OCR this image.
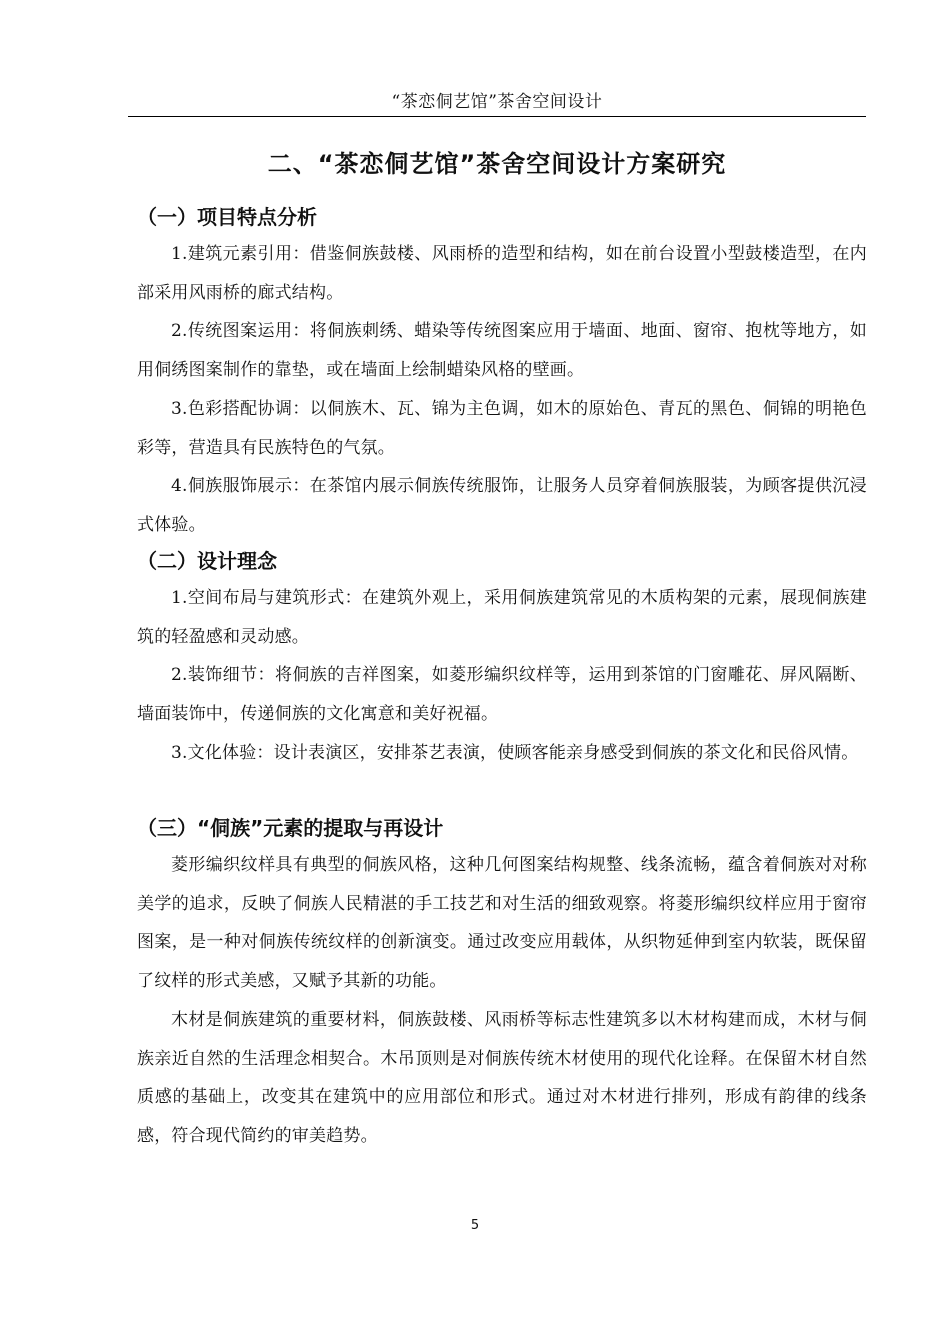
“茶恋侗艺馆”茶舍空间设计
二、“茶恋侗艺馆”茶舍空间设计方案研究
（一）项目特点分析

1.建筑元素引用：借鉴侗族鼓楼、风雨桥的造型和结构，如在前台设置小型鼓楼造型，在内部采用风雨桥的廊式结构。

2.传统图案运用：将侗族刺绣、蜡染等传统图案应用于墙面、地面、窗帘、抱枕等地方，如用侗绣图案制作的靠垫，或在墙面上绘制蜡染风格的壁画。

3.色彩搭配协调：以侗族木、瓦、锦为主色调，如木的原始色、青瓦的黑色、侗锦的明艳色彩等，营造具有民族特色的气氛。

4.侗族服饰展示：在茶馆内展示侗族传统服饰，让服务人员穿着侗族服装，为顾客提供沉浸式体验。

（二）设计理念

1.空间布局与建筑形式：在建筑外观上，采用侗族建筑常见的木质构架的元素，展现侗族建筑的轻盈感和灵动感。

2.装饰细节：将侗族的吉祥图案，如菱形编织纹样等，运用到茶馆的门窗雕花、屏风隔断、墙面装饰中，传递侗族的文化寓意和美好祝福。

3.文化体验：设计表演区，安排茶艺表演，使顾客能亲身感受到侗族的茶文化和民俗风情。

（三）“侗族”元素的提取与再设计

菱形编织纹样具有典型的侗族风格，这种几何图案结构规整、线条流畅，蕴含着侗族对对称美学的追求，反映了侗族人民精湛的手工技艺和对生活的细致观察。将菱形编织纹样应用于窗帘图案，是一种对侗族传统纹样的创新演变。通过改变应用载体，从织物延伸到室内软装，既保留了纹样的形式美感，又赋予其新的功能。

木材是侗族建筑的重要材料，侗族鼓楼、风雨桥等标志性建筑多以木材构建而成，木材与侗族亲近自然的生活理念相契合。木吊顶则是对侗族传统木材使用的现代化诠释。在保留木材自然质感的基础上，改变其在建筑中的应用部位和形式。通过对木材进行排列，形成有韵律的线条感，符合现代简约的审美趋势。

5
